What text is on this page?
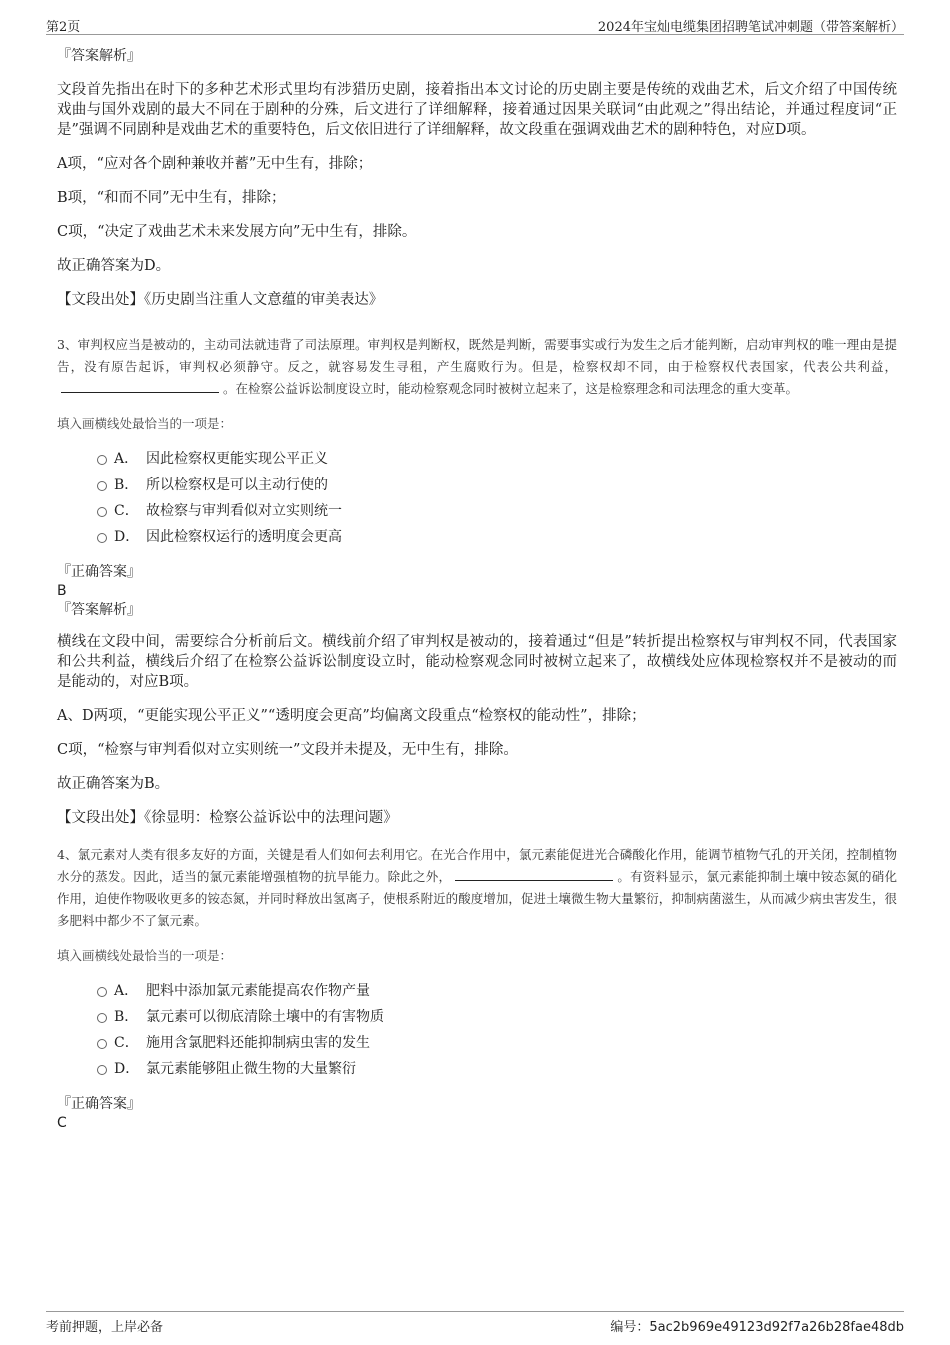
第2页	2024年宝灿电缆集团招聘笔试冲刺题（带答案解析）
『答案解析』

文段首先指出在时下的多种艺术形式里均有涉猎历史剧，接着指出本文讨论的历史剧主要是传统的戏曲艺术，后文介绍了中国传统戏曲与国外戏剧的最大不同在于剧种的分殊，后文进行了详细解释，接着通过因果关联词“由此观之”得出结论，并通过程度词“正是”强调不同剧种是戏曲艺术的重要特色，后文依旧进行了详细解释，故文段重在强调戏曲艺术的剧种特色，对应D项。

A项，“应对各个剧种兼收并蓄”无中生有，排除；

B项，“和而不同”无中生有，排除；

C项，“决定了戏曲艺术未来发展方向”无中生有，排除。

故正确答案为D。

【文段出处】《历史剧当注重人文意蕴的审美表达》

3、审判权应当是被动的，主动司法就违背了司法原理。审判权是判断权，既然是判断，需要事实或行为发生之后才能判断，启动审判权的唯一理由是提告，没有原告起诉，审判权必须静守。反之，就容易发生寻租，产生腐败行为。但是，检察权却不同，由于检察权代表国家，代表公共利益，。在检察公益诉讼制度设立时，能动检察观念同时被树立起来了，这是检察理念和司法理念的重大变革。

填入画横线处最恰当的一项是：

A． 因此检察权更能实现公平正义
B． 所以检察权是可以主动行使的
C． 故检察与审判看似对立实则统一
D． 因此检察权运行的透明度会更高
『正确答案』
B
『答案解析』

横线在文段中间，需要综合分析前后文。横线前介绍了审判权是被动的，接着通过“但是”转折提出检察权与审判权不同，代表国家和公共利益，横线后介绍了在检察公益诉讼制度设立时，能动检察观念同时被树立起来了，故横线处应体现检察权并不是被动的而是能动的，对应B项。

A、D两项，“更能实现公平正义”“透明度会更高”均偏离文段重点“检察权的能动性”，排除；

C项，“检察与审判看似对立实则统一”文段并未提及，无中生有，排除。

故正确答案为B。

【文段出处】《徐显明：检察公益诉讼中的法理问题》

4、氯元素对人类有很多友好的方面，关键是看人们如何去利用它。在光合作用中，氯元素能促进光合磷酸化作用，能调节植物气孔的开关闭，控制植物水分的蒸发。因此，适当的氯元素能增强植物的抗旱能力。除此之外，	。有资料显示，氯元素能抑制土壤中铵态氮的硝化作用，迫使作物吸收更多的铵态氮，并同时释放出氢离子，使根系附近的酸度增加，促进土壤微生物大量繁衍，抑制病菌滋生，从而减少病虫害发生，很多肥料中都少不了氯元素。

填入画横线处最恰当的一项是：

A． 肥料中添加氯元素能提高农作物产量
B． 氯元素可以彻底清除土壤中的有害物质
C． 施用含氯肥料还能抑制病虫害的发生
D． 氯元素能够阻止微生物的大量繁衍
『正确答案』
C
考前押题，上岸必备	编号：5ac2b969e49123d92f7a26b28fae48db
